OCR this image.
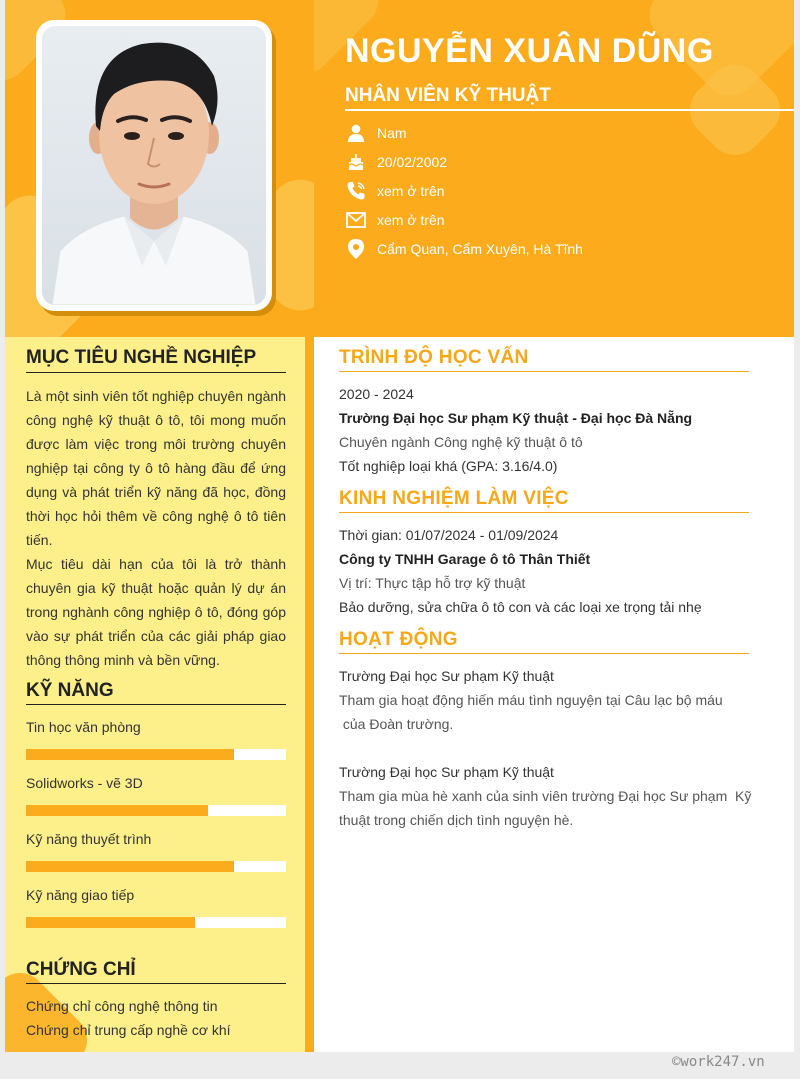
NGUYỄN XUÂN DŨNG
NHÂN VIÊN KỸ THUẬT
Nam
20/02/2002
xem ở trên
xem ở trên
Cẩm Quan, Cẩm Xuyên, Hà Tĩnh
MỤC TIÊU NGHỀ NGHIỆP

Là một sinh viên tốt nghiệp chuyên ngành công nghệ kỹ thuật ô tô, tôi mong muốn được làm việc trong môi trường chuyên nghiệp tại công ty ô tô hàng đầu để ứng dụng và phát triển kỹ năng đã học, đồng thời học hỏi thêm về công nghệ ô tô tiên tiến.

Mục tiêu dài hạn của tôi là trở thành chuyên gia kỹ thuật hoặc quản lý dự án trong nghành công nghiệp ô tô, đóng góp vào sự phát triển của các giải pháp giao thông thông minh và bền vững.

KỸ NĂNG
Tin học văn phòng
Solidworks - vẽ 3D
Kỹ năng thuyết trình
Kỹ năng giao tiếp
CHỨNG CHỈ
Chứng chỉ công nghệ thông tin
Chứng chỉ trung cấp nghề cơ khí
TRÌNH ĐỘ HỌC VẤN
2020 - 2024
Trường Đại học Sư phạm Kỹ thuật - Đại học Đà Nẵng
Chuyên ngành Công nghệ kỹ thuật ô tô
Tốt nghiệp loại khá (GPA: 3.16/4.0)
KINH NGHIỆM LÀM VIỆC
Thời gian: 01/07/2024 - 01/09/2024
Công ty TNHH Garage ô tô Thân Thiết
Vị trí: Thực tập hỗ trợ kỹ thuật
Bảo dưỡng, sửa chữa ô tô con và các loại xe trọng tải nhẹ
HOẠT ĐỘNG
Trường Đại học Sư phạm Kỹ thuật
Tham gia hoạt động hiến máu tình nguyện tại Câu lạc bộ máu
của Đoàn trường.
Trường Đại học Sư phạm Kỹ thuật
Tham gia mùa hè xanh của sinh viên trường Đại học Sư phạm  Kỹ
thuật trong chiến dịch tình nguyện hè.
©work247.vn
